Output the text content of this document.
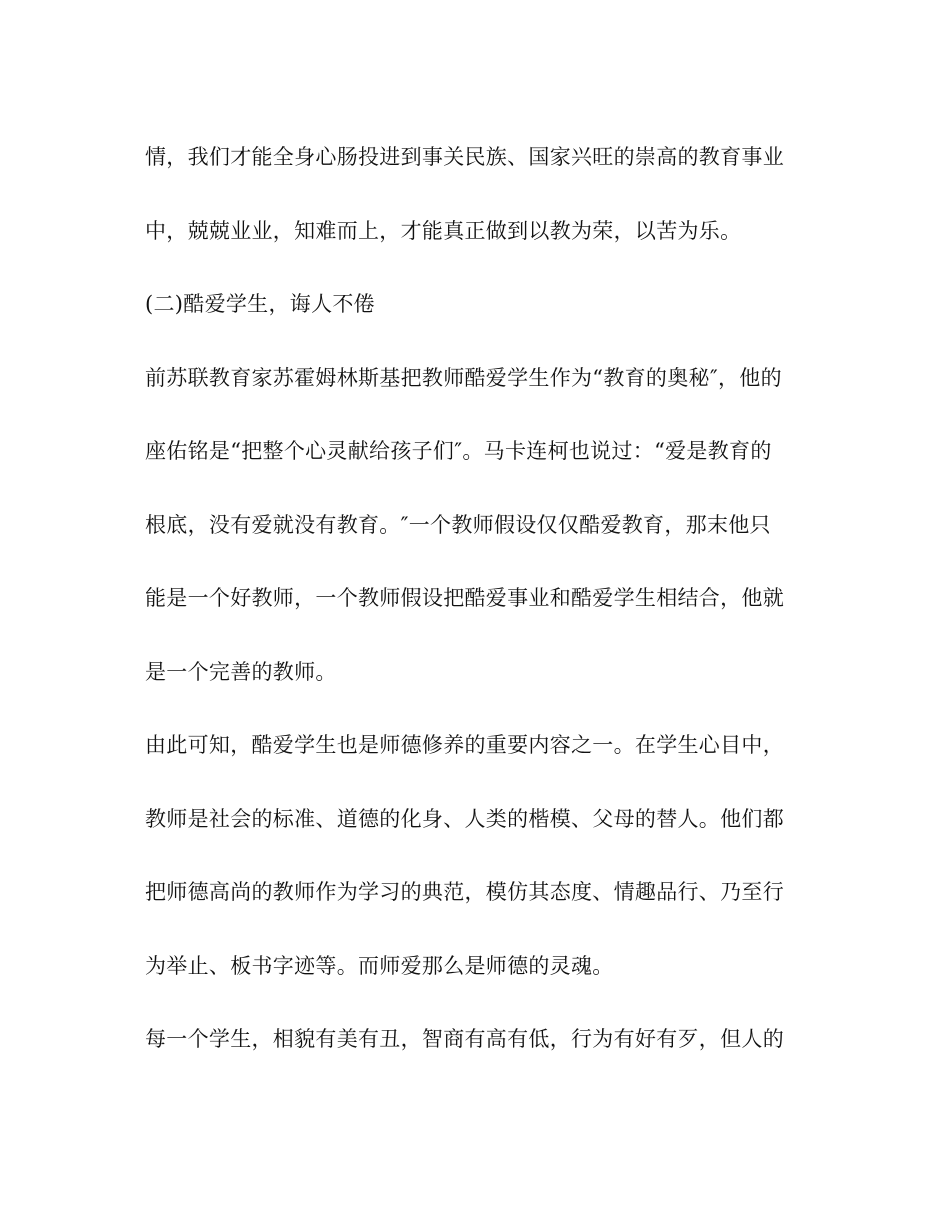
情，我们才能全身心肠投进到事关民族、国家兴旺的崇高的教育事业
中，兢兢业业，知难而上，才能真正做到以教为荣，以苦为乐。
(二)酷爱学生，诲人不倦
前苏联教育家苏霍姆林斯基把教师酷爱学生作为“教育的奥秘″，他的
座佑铭是“把整个心灵献给孩子们″。马卡连柯也说过：“爱是教育的
根底，没有爱就没有教育。″一个教师假设仅仅酷爱教育，那末他只
能是一个好教师，一个教师假设把酷爱事业和酷爱学生相结合，他就
是一个完善的教师。
由此可知，酷爱学生也是师德修养的重要内容之一。在学生心目中，
教师是社会的标准、道德的化身、人类的楷模、父母的替人。他们都
把师德高尚的教师作为学习的典范，模仿其态度、情趣品行、乃至行
为举止、板书字迹等。而师爱那么是师德的灵魂。
每一个学生，相貌有美有丑，智商有高有低，行为有好有歹，但人的
